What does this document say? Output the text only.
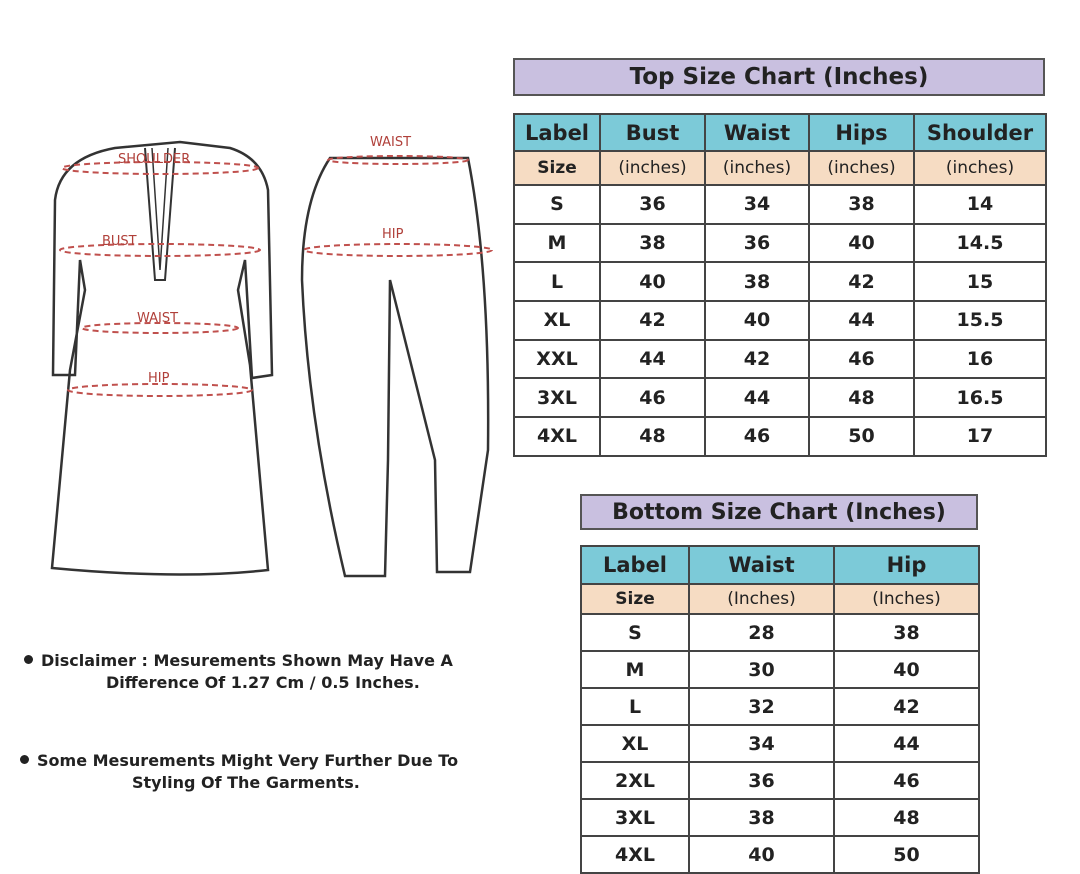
SHOULDER
BUST
WAIST
HIP
WAIST
HIP
Top Size Chart (Inches)
Label	Bust	Waist	Hips	Shoulder
Size	(inches)	(inches)	(inches)	(inches)
S	36	34	38	14
M	38	36	40	14.5
L	40	38	42	15
XL	42	40	44	15.5
XXL	44	42	46	16
3XL	46	44	48	16.5
4XL	48	46	50	17
Bottom Size Chart (Inches)
Label	Waist	Hip
Size	(Inches)	(Inches)
S	28	38
M	30	40
L	32	42
XL	34	44
2XL	36	46
3XL	38	48
4XL	40	50
Disclaimer : Mesurements Shown May Have A
Difference Of 1.27 Cm / 0.5 Inches.
Some Mesurements Might Very Further Due To
Styling Of The Garments.
